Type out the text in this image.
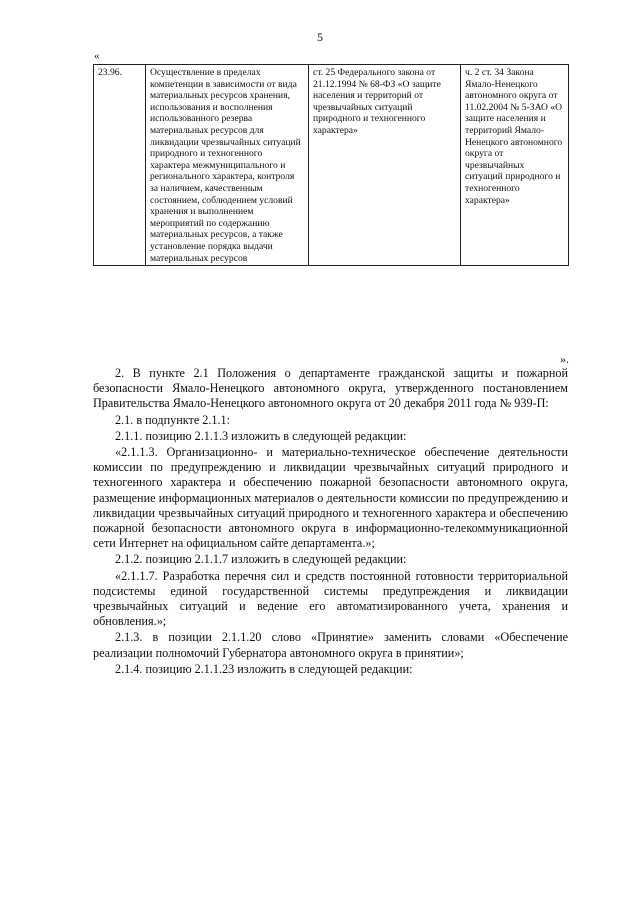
5
«
23.96.	Осуществление в пределах компетенции в зависимости от вида материальных ресурсов хранения, использования и восполнения использованного резерва материальных ресурсов для ликвидации чрезвычайных ситуаций природного и техногенного характера межмуниципального и регионального характера, контроля за наличием, качественным состоянием, соблюдением условий хранения и выполнением мероприятий по содержанию материальных ресурсов, а также установление порядка выдачи материальных ресурсов	ст. 25 Федерального закона от 21.12.1994 № 68-ФЗ «О защите населения и территорий от чрезвычайных ситуаций природного и техногенного характера»	ч. 2 ст. 34 Закона Ямало-Ненецкого автономного округа от 11.02.2004 № 5-ЗАО «О защите населения и территорий Ямало-Ненецкого автономного округа от чрезвычайных ситуаций природного и техногенного характера»
».

2. В пункте 2.1 Положения о департаменте гражданской защиты и пожарной безопасности Ямало-Ненецкого автономного округа, утвержденного постановлением Правительства Ямало-Ненецкого автономного округа от 20 декабря 2011 года № 939-П:

2.1. в подпункте 2.1.1:

2.1.1. позицию 2.1.1.3 изложить в следующей редакции:

«2.1.1.3. Организационно- и материально-техническое обеспечение деятельности комиссии по предупреждению и ликвидации чрезвычайных ситуаций природного и техногенного характера и обеспечению пожарной безопасности автономного округа, размещение информационных материалов о деятельности комиссии по предупреждению и ликвидации чрезвычайных ситуаций природного и техногенного характера и обеспечению пожарной безопасности автономного округа в информационно-телекоммуникационной сети Интернет на официальном сайте департамента.»;

2.1.2. позицию 2.1.1.7 изложить в следующей редакции:

«2.1.1.7. Разработка перечня сил и средств постоянной готовности территориальной подсистемы единой государственной системы предупреждения и ликвидации чрезвычайных ситуаций и ведение его автоматизированного учета, хранения и обновления.»;

2.1.3. в позиции 2.1.1.20 слово «Принятие» заменить словами «Обеспечение реализации полномочий Губернатора автономного округа в принятии»;

2.1.4. позицию 2.1.1.23 изложить в следующей редакции:
